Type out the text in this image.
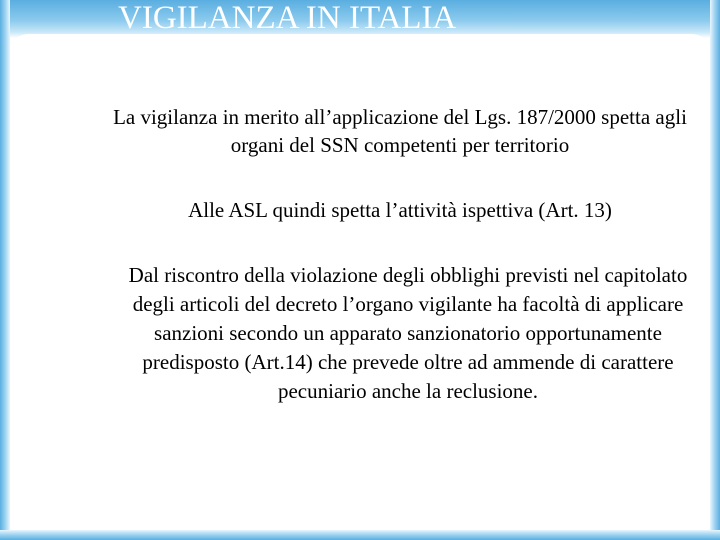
VIGILANZA IN ITALIA

La vigilanza in merito all’applicazione del Lgs. 187/2000 spetta agli organi del SSN competenti per territorio

Alle ASL quindi spetta l’attività ispettiva (Art. 13)

Dal riscontro della violazione degli obblighi previsti nel capitolato degli articoli del decreto l’organo vigilante ha facoltà di applicare sanzioni secondo un apparato sanzionatorio opportunamente predisposto (Art.14) che prevede oltre ad ammende di carattere pecuniario anche la reclusione.
